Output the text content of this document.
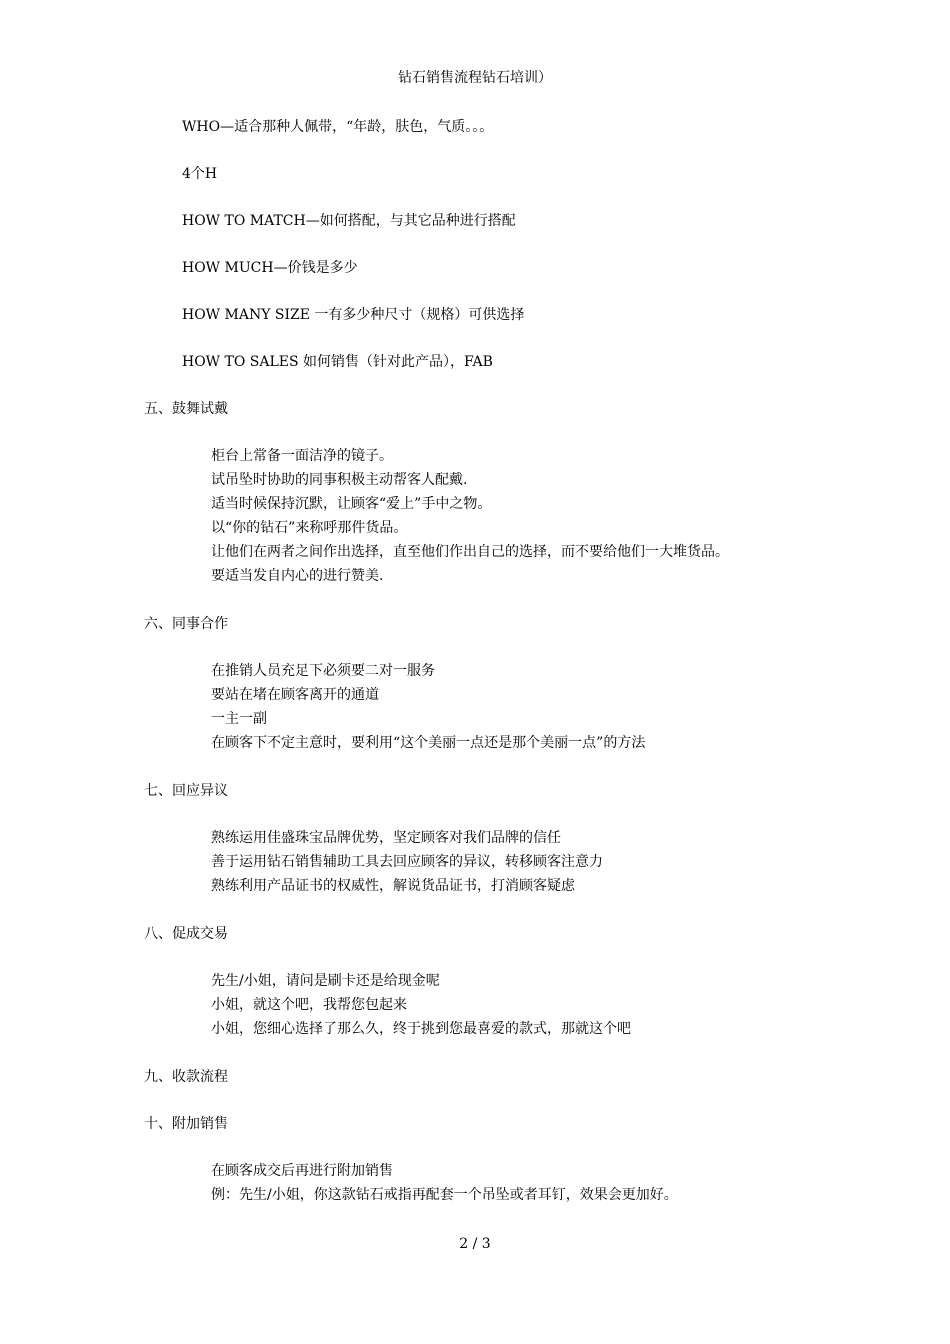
钻石销售流程钻石培训）
WHO—适合那种人佩带，“年龄，肤色，气质。。。
4个H
HOW TO MATCH—如何搭配，与其它品种进行搭配
HOW MUCH—价钱是多少
HOW MANY SIZE 一有多少种尺寸（规格）可供选择
HOW TO SALES 如何销售（针对此产品），FAB
五、鼓舞试戴
柜台上常备一面洁净的镜子。
试吊坠时协助的同事积极主动帮客人配戴.
适当时候保持沉默，让顾客“爱上”手中之物。
以“你的钻石”来称呼那件货品。
让他们在两者之间作出选择，直至他们作出自己的选择，而不要给他们一大堆货品。
要适当发自内心的进行赞美.
六、同事合作
在推销人员充足下必须要二对一服务
要站在堵在顾客离开的通道
一主一副
在顾客下不定主意时，要利用“这个美丽一点还是那个美丽一点”的方法
七、回应异议
熟练运用佳盛珠宝品牌优势，坚定顾客对我们品牌的信任
善于运用钻石销售辅助工具去回应顾客的异议，转移顾客注意力
熟练利用产品证书的权威性，解说货品证书，打消顾客疑虑
八、促成交易
先生/小姐，请问是刷卡还是给现金呢
小姐，就这个吧，我帮您包起来
小姐，您细心选择了那么久，终于挑到您最喜爱的款式，那就这个吧
九、收款流程
十、附加销售
在顾客成交后再进行附加销售
例：先生/小姐，你这款钻石戒指再配套一个吊坠或者耳钉，效果会更加好。
2 / 3
